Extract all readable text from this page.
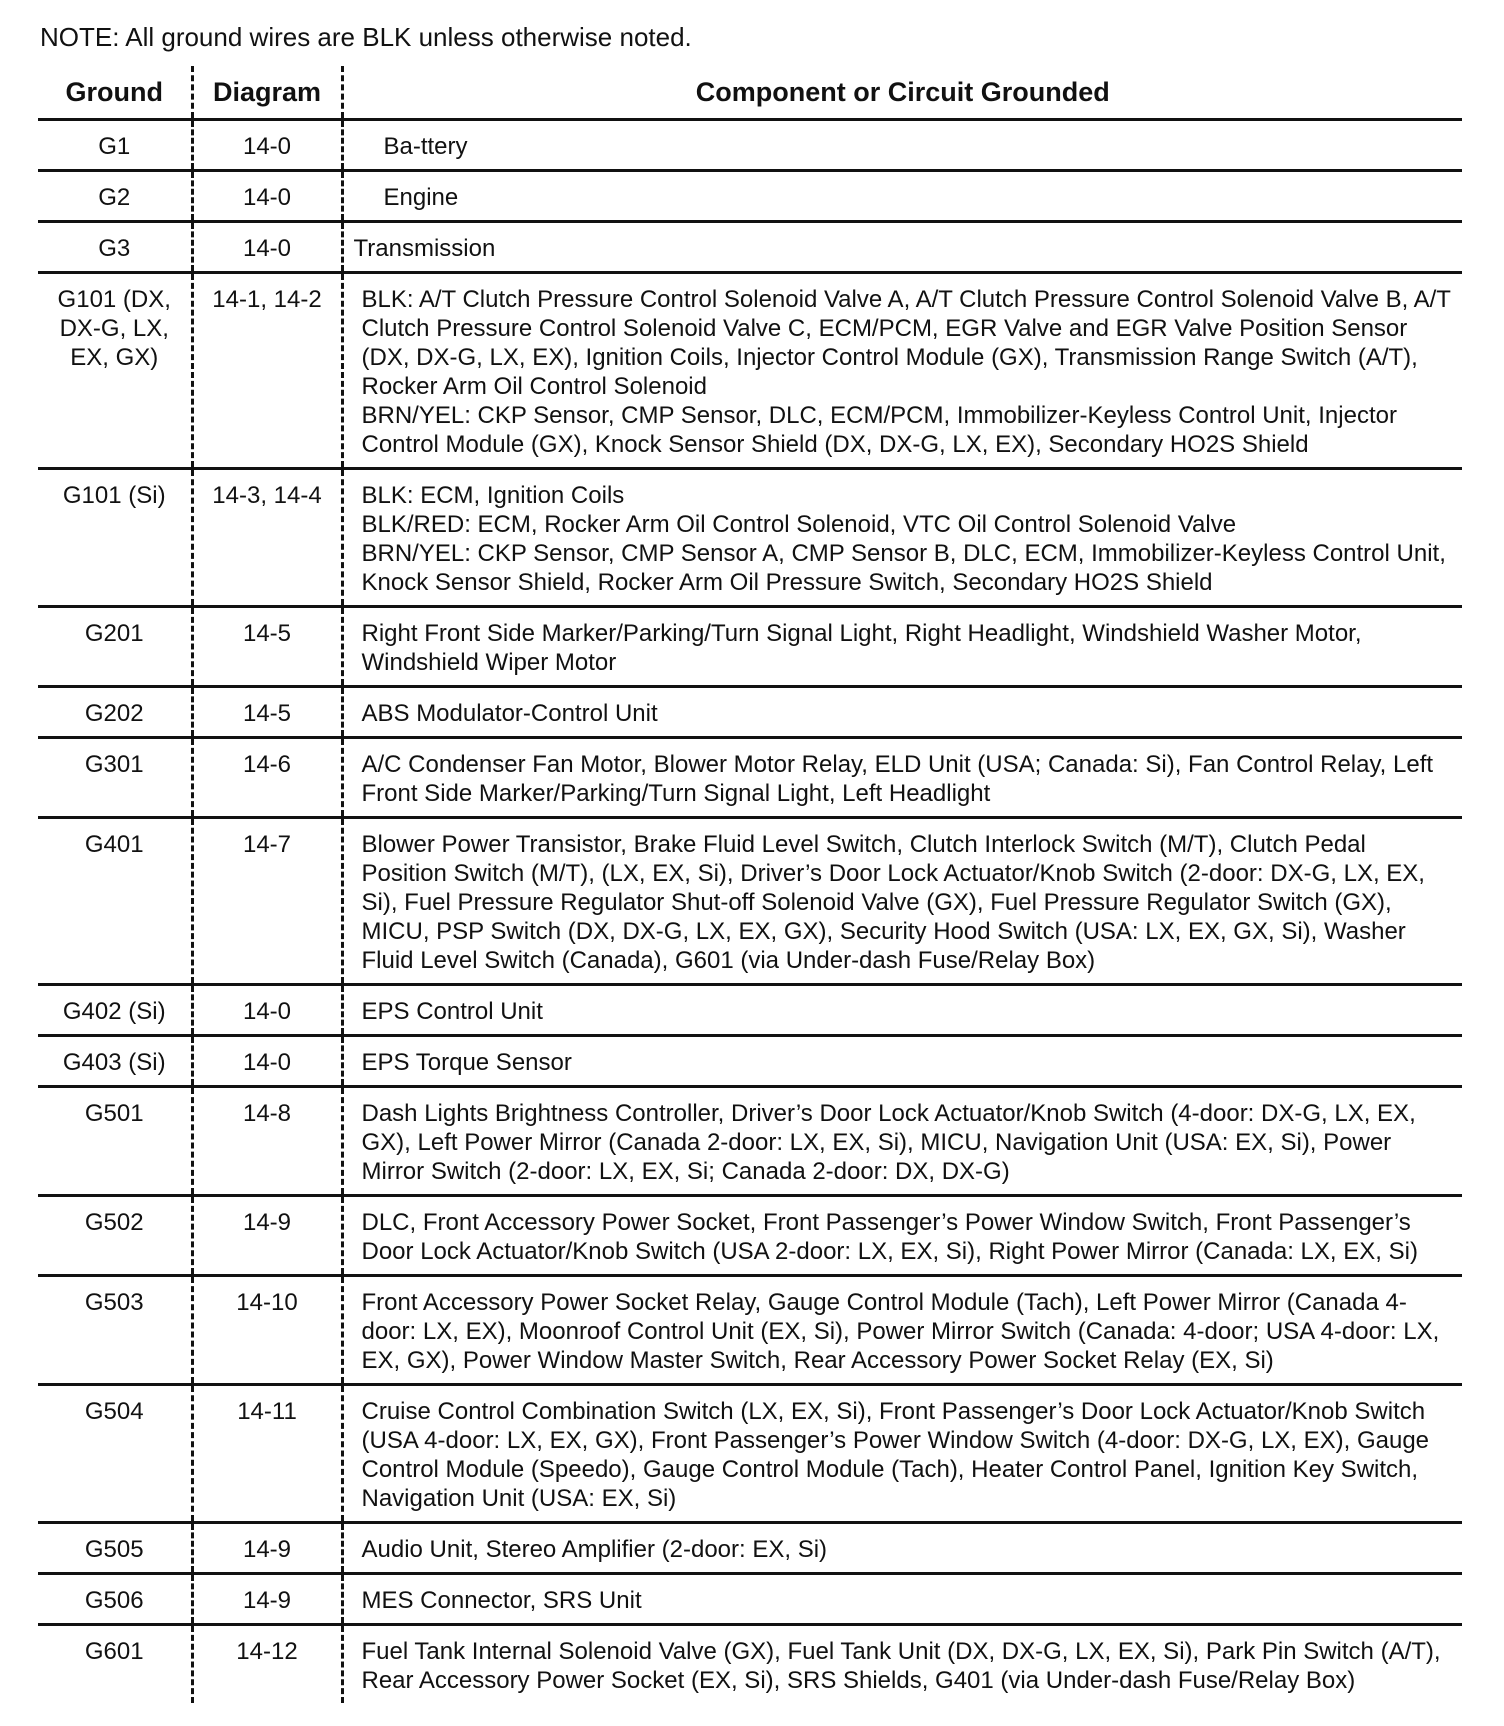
NOTE: All ground wires are BLK unless otherwise noted.
Ground	Diagram	Component or Circuit Grounded
G1	14-0	Ba-ttery

G2	14-0	Engine

G3	14-0	Transmission

G101 (DX, DX-G, LX, EX, GX)	14-1, 14-2	BLK: A/T Clutch Pressure Control Solenoid Valve A, A/T Clutch Pressure Control Solenoid Valve B, A/T Clutch Pressure Control Solenoid Valve C, ECM/PCM, EGR Valve and EGR Valve Position Sensor (DX, DX-G, LX, EX), Ignition Coils, Injector Control Module (GX), Transmission Range Switch (A/T), Rocker Arm Oil Control Solenoid
BRN/YEL: CKP Sensor, CMP Sensor, DLC, ECM/PCM, Immobilizer-Keyless Control Unit, Injector Control Module (GX), Knock Sensor Shield (DX, DX-G, LX, EX), Secondary HO2S Shield

G101 (Si)	14-3, 14-4	BLK: ECM, Ignition Coils
BLK/RED: ECM, Rocker Arm Oil Control Solenoid, VTC Oil Control Solenoid Valve
BRN/YEL: CKP Sensor, CMP Sensor A, CMP Sensor B, DLC, ECM, Immobilizer-Keyless Control Unit, Knock Sensor Shield, Rocker Arm Oil Pressure Switch, Secondary HO2S Shield

G201	14-5	Right Front Side Marker/Parking/Turn Signal Light, Right Headlight, Windshield Washer Motor, Windshield Wiper Motor

G202	14-5	ABS Modulator-Control Unit

G301	14-6	A/C Condenser Fan Motor, Blower Motor Relay, ELD Unit (USA; Canada: Si), Fan Control Relay, Left Front Side Marker/Parking/Turn Signal Light, Left Headlight

G401	14-7	Blower Power Transistor, Brake Fluid Level Switch, Clutch Interlock Switch (M/T), Clutch Pedal Position Switch (M/T), (LX, EX, Si), Driver’s Door Lock Actuator/Knob Switch (2-door: DX-G, LX, EX, Si), Fuel Pressure Regulator Shut-off Solenoid Valve (GX), Fuel Pressure Regulator Switch (GX), MICU, PSP Switch (DX, DX-G, LX, EX, GX), Security Hood Switch (USA: LX, EX, GX, Si), Washer Fluid Level Switch (Canada), G601 (via Under-dash Fuse/Relay Box)

G402 (Si)	14-0	EPS Control Unit

G403 (Si)	14-0	EPS Torque Sensor

G501	14-8	Dash Lights Brightness Controller, Driver’s Door Lock Actuator/Knob Switch (4-door: DX-G, LX, EX, GX), Left Power Mirror (Canada 2-door: LX, EX, Si), MICU, Navigation Unit (USA: EX, Si), Power Mirror Switch (2-door: LX, EX, Si; Canada 2-door: DX, DX-G)

G502	14-9	DLC, Front Accessory Power Socket, Front Passenger’s Power Window Switch, Front Passenger’s Door Lock Actuator/Knob Switch (USA 2-door: LX, EX, Si), Right Power Mirror (Canada: LX, EX, Si)

G503	14-10	Front Accessory Power Socket Relay, Gauge Control Module (Tach), Left Power Mirror (Canada 4-door: LX, EX), Moonroof Control Unit (EX, Si), Power Mirror Switch (Canada: 4-door; USA 4-door: LX, EX, GX), Power Window Master Switch, Rear Accessory Power Socket Relay (EX, Si)

G504	14-11	Cruise Control Combination Switch (LX, EX, Si), Front Passenger’s Door Lock Actuator/Knob Switch (USA 4-door: LX, EX, GX), Front Passenger’s Power Window Switch (4-door: DX-G, LX, EX), Gauge Control Module (Speedo), Gauge Control Module (Tach), Heater Control Panel, Ignition Key Switch, Navigation Unit (USA: EX, Si)

G505	14-9	Audio Unit, Stereo Amplifier (2-door: EX, Si)

G506	14-9	MES Connector, SRS Unit

G601	14-12	Fuel Tank Internal Solenoid Valve (GX), Fuel Tank Unit (DX, DX-G, LX, EX, Si), Park Pin Switch (A/T), Rear Accessory Power Socket (EX, Si), SRS Shields, G401 (via Under-dash Fuse/Relay Box)
